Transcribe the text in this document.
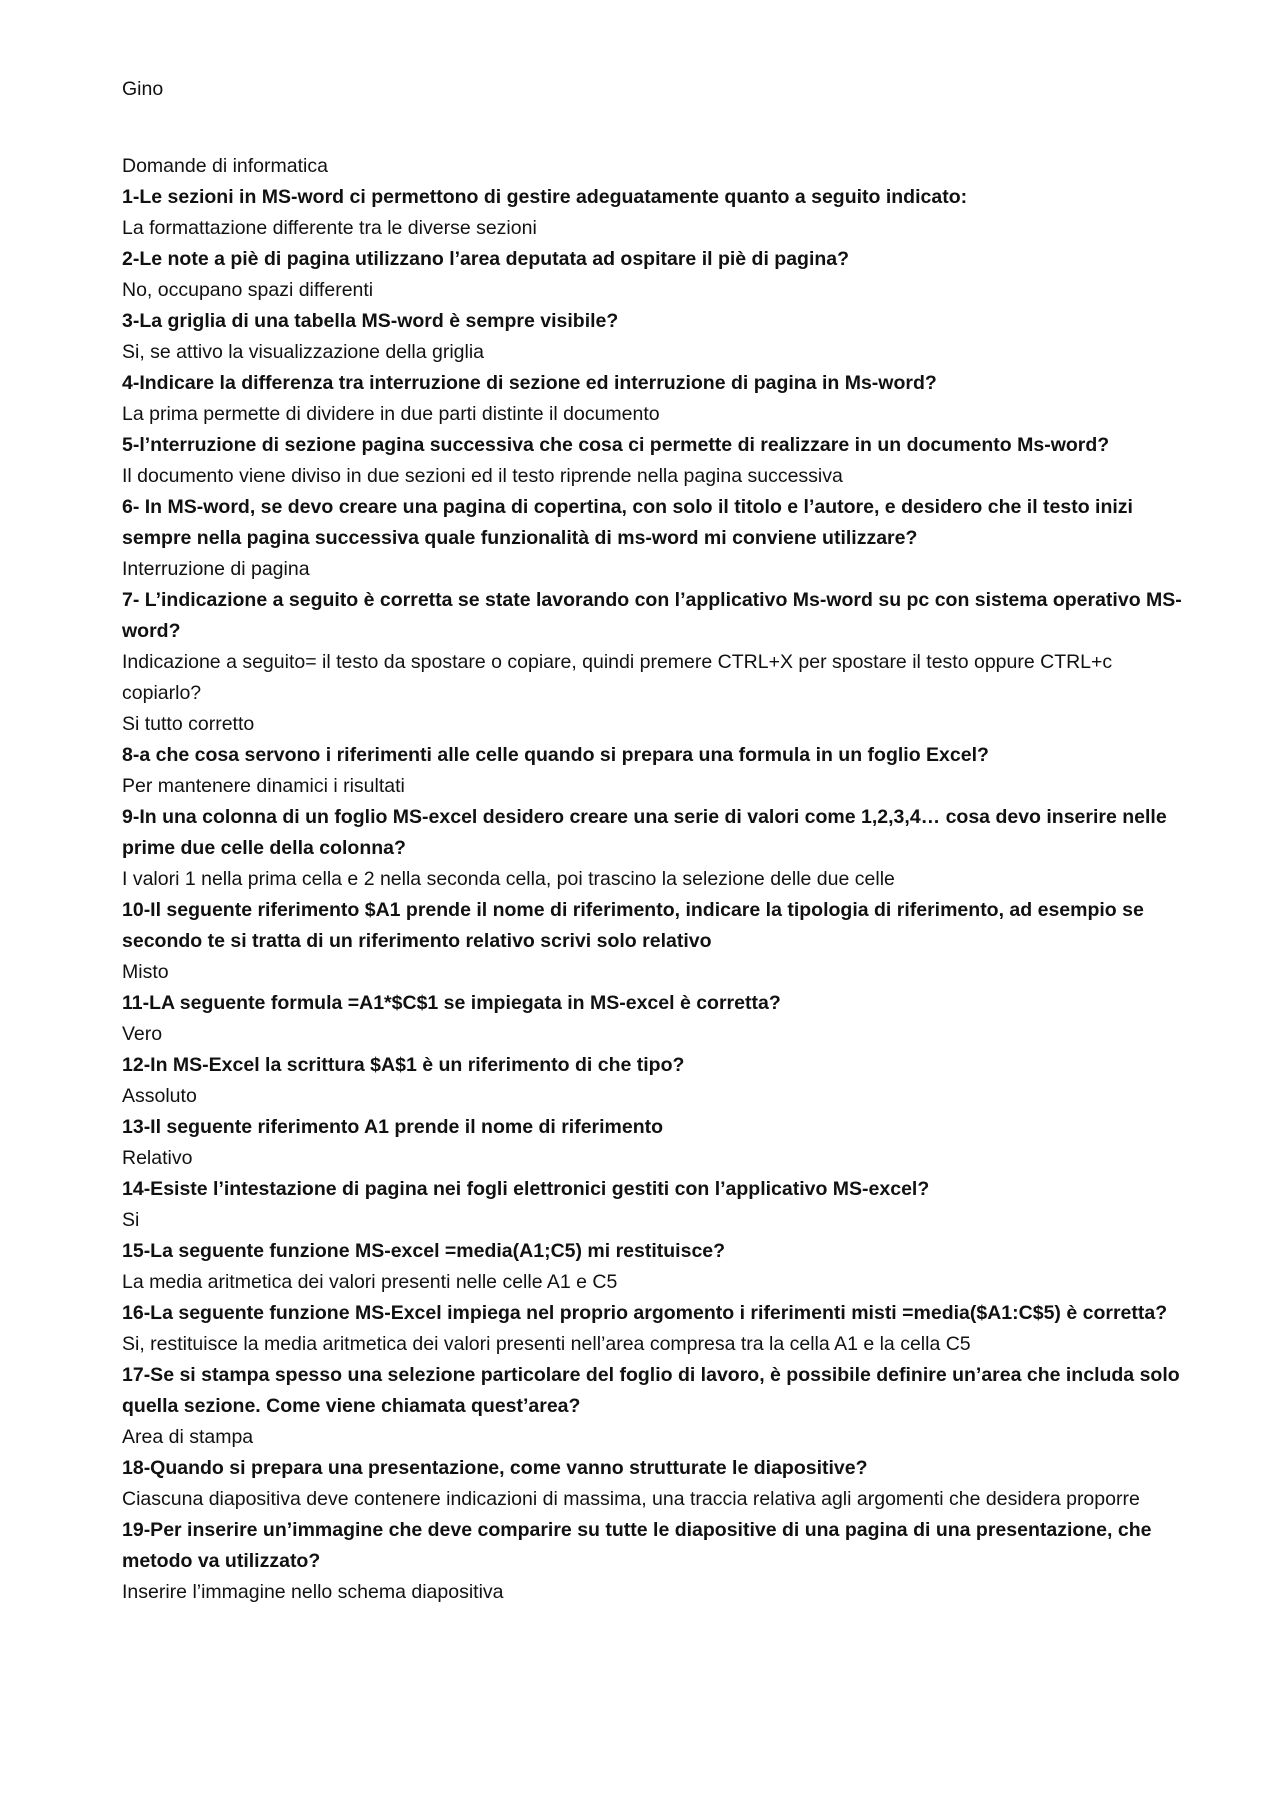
Gino

Domande di informatica

1-Le sezioni in MS-word ci permettono di gestire adeguatamente quanto a seguito indicato:

La formattazione differente tra le diverse sezioni

2-Le note a piè di pagina utilizzano l’area deputata ad ospitare il piè di pagina?

No, occupano spazi differenti

3-La griglia di una tabella MS-word è sempre visibile?

Si, se attivo la visualizzazione della griglia

4-Indicare la differenza tra interruzione di sezione ed interruzione di pagina in Ms-word?

La prima permette di dividere in due parti distinte il documento

5-l’nterruzione di sezione pagina successiva che cosa ci permette di realizzare in un documento Ms-word?

Il documento viene diviso in due sezioni ed il testo riprende nella pagina successiva

6- In MS-word, se devo creare una pagina di copertina, con solo il titolo e l’autore, e desidero che il testo inizi sempre nella pagina successiva quale funzionalità di ms-word mi conviene utilizzare?

Interruzione di pagina

7- L’indicazione a seguito è corretta se state lavorando con l’applicativo Ms-word su pc con sistema operativo MS-word?

Indicazione a seguito= il testo da spostare o copiare, quindi premere CTRL+X per spostare il testo oppure CTRL+c copiarlo?

Si tutto corretto

8-a che cosa servono i riferimenti alle celle quando si prepara una formula in un foglio Excel?

Per mantenere dinamici i risultati

9-In una colonna di un foglio MS-excel desidero creare una serie di valori come 1,2,3,4… cosa devo inserire nelle prime due celle della colonna?

I valori 1 nella prima cella e 2 nella seconda cella, poi trascino la selezione delle due celle

10-Il seguente riferimento $A1 prende il nome di riferimento, indicare la tipologia di riferimento, ad esempio se secondo te si tratta di un riferimento relativo scrivi solo relativo

Misto

11-LA seguente formula =A1*$C$1 se impiegata in MS-excel è corretta?

Vero

12-In MS-Excel la scrittura $A$1 è un riferimento di che tipo?

Assoluto

13-Il seguente riferimento A1 prende il nome di riferimento

Relativo

14-Esiste l’intestazione di pagina nei fogli elettronici gestiti con l’applicativo MS-excel?

Si

15-La seguente funzione MS-excel =media(A1;C5) mi restituisce?

La media aritmetica dei valori presenti nelle celle A1 e C5

16-La seguente funzione MS-Excel impiega nel proprio argomento i riferimenti misti =media($A1:C$5) è corretta?

Si, restituisce la media aritmetica dei valori presenti nell’area compresa tra la cella A1 e la cella C5

17-Se si stampa spesso una selezione particolare del foglio di lavoro, è possibile definire un’area che includa solo quella sezione. Come viene chiamata quest’area?

Area di stampa

18-Quando si prepara una presentazione, come vanno strutturate le diapositive?

Ciascuna diapositiva deve contenere indicazioni di massima, una traccia relativa agli argomenti che desidera proporre

19-Per inserire un’immagine che deve comparire su tutte le diapositive di una pagina di una presentazione, che metodo va utilizzato?

Inserire l’immagine nello schema diapositiva
